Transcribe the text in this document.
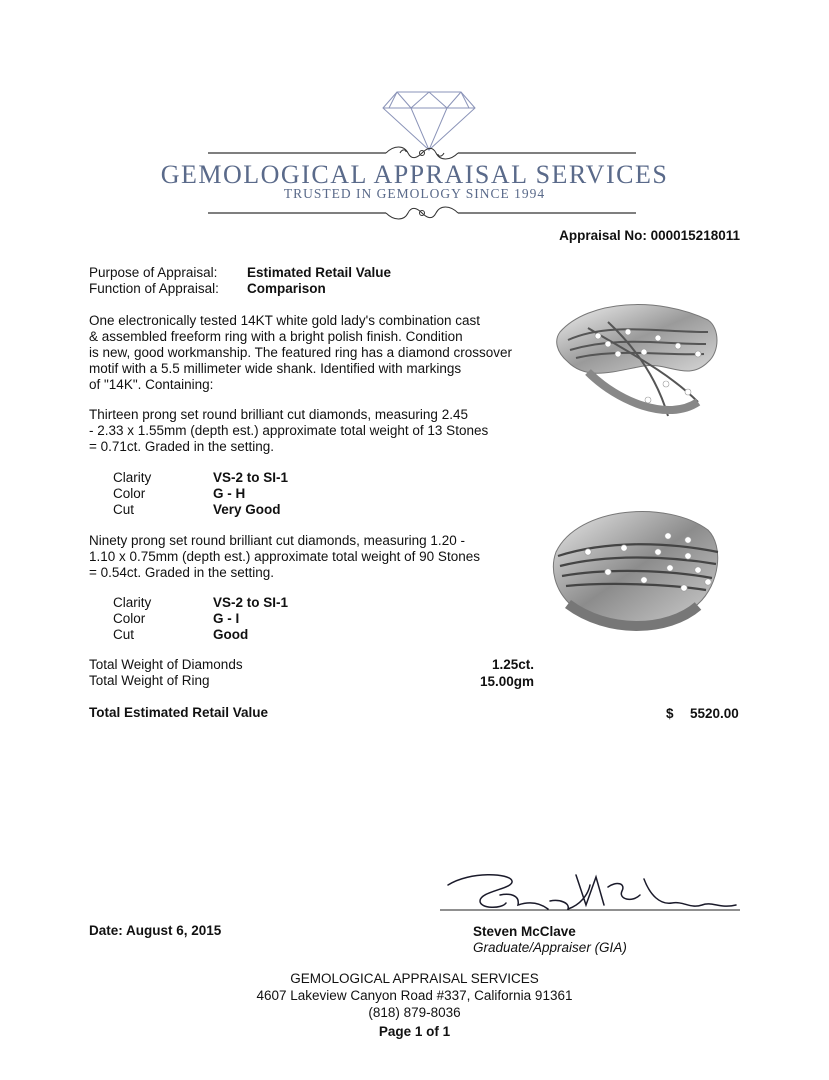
GEMOLOGICAL APPRAISAL SERVICES
TRUSTED IN GEMOLOGY SINCE 1994
Appraisal No: 000015218011
Purpose of Appraisal:	Estimated Retail Value
Function of Appraisal:	Comparison
One electronically tested 14KT white gold lady's combination cast
& assembled freeform ring with a bright polish finish. Condition
is new, good workmanship. The featured ring has a diamond crossover
motif with a 5.5 millimeter wide shank. Identified with markings
of "14K". Containing:
Thirteen prong set round brilliant cut diamonds, measuring 2.45
- 2.33 x 1.55mm (depth est.) approximate total weight of 13 Stones
= 0.71ct. Graded in the setting.
Clarity	VS-2 to SI-1
Color	G - H
Cut	Very Good
Ninety prong set round brilliant cut diamonds, measuring 1.20 -
1.10 x 0.75mm (depth est.) approximate total weight of 90 Stones
= 0.54ct. Graded in the setting.
Clarity	VS-2 to SI-1
Color	G - I
Cut	Good
Total Weight of Diamonds	1.25ct.
Total Weight of Ring	15.00gm
Total Estimated Retail Value	$ 5520.00
Date: August 6, 2015	Steven McClave
Graduate/Appraiser (GIA)
GEMOLOGICAL APPRAISAL SERVICES
4607 Lakeview Canyon Road #337, California 91361
(818) 879-8036
Page 1 of 1
